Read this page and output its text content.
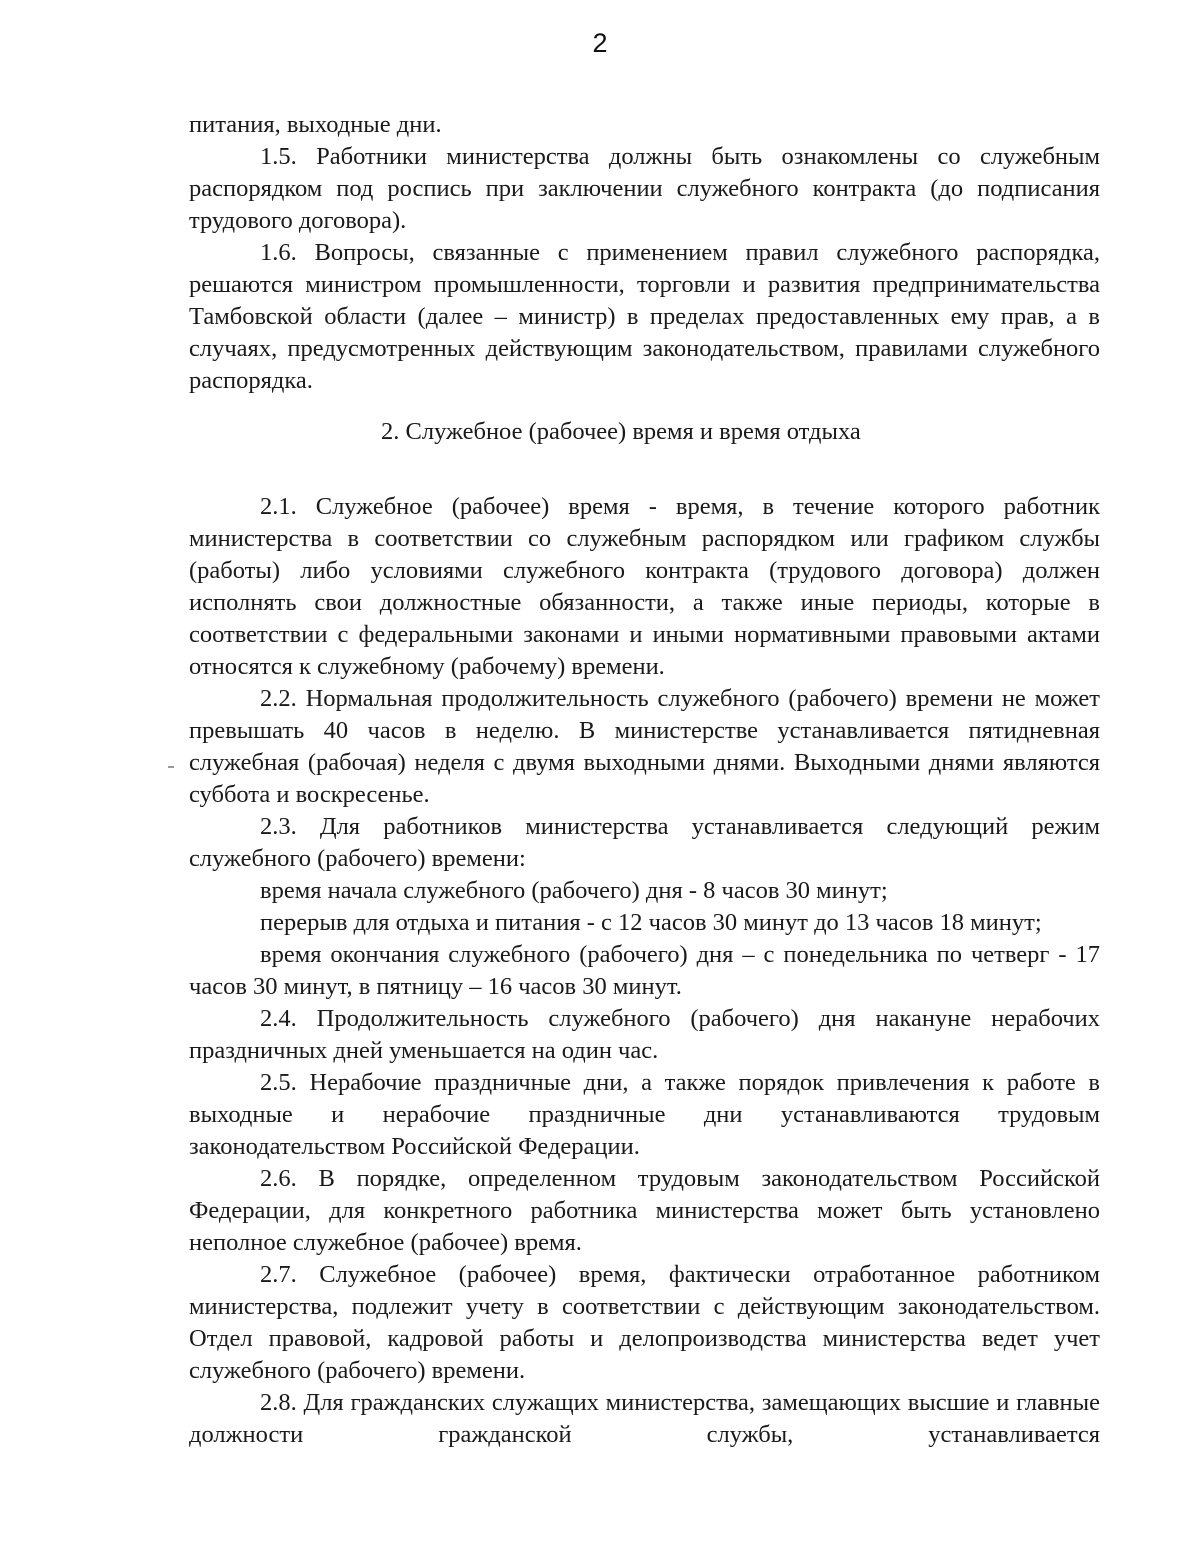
2

питания, выходные дни.

1.5. Работники министерства должны быть ознакомлены со служебным распорядком под роспись при заключении служебного контракта (до подписания трудового договора).

1.6. Вопросы, связанные с применением правил служебного распорядка, решаются министром промышленности, торговли и развития предпринимательства Тамбовской области (далее – министр) в пределах предоставленных ему прав, а в случаях, предусмотренных действующим законодательством, правилами служебного распорядка.

2. Служебное (рабочее) время и время отдыха

2.1. Служебное (рабочее) время - время, в течение которого работник министерства в соответствии со служебным распорядком или графиком службы (работы) либо условиями служебного контракта (трудового договора) должен исполнять свои должностные обязанности, а также иные периоды, которые в соответствии с федеральными законами и иными нормативными правовыми актами относятся к служебному (рабочему) времени.

2.2. Нормальная продолжительность служебного (рабочего) времени не может превышать 40 часов в неделю. В министерстве устанавливается пятидневная служебная (рабочая) неделя с двумя выходными днями. Выходными днями являются суббота и воскресенье.

2.3. Для работников министерства устанавливается следующий режим служебного (рабочего) времени:

время начала служебного (рабочего) дня - 8 часов 30 минут;

перерыв для отдыха и питания - с 12 часов 30 минут до 13 часов 18 минут;

время окончания служебного (рабочего) дня – с понедельника по четверг - 17 часов 30 минут, в пятницу – 16 часов 30 минут.

2.4. Продолжительность служебного (рабочего) дня накануне нерабочих праздничных дней уменьшается на один час.

2.5. Нерабочие праздничные дни, а также порядок привлечения к работе в выходные и нерабочие праздничные дни устанавливаются трудовым законодательством Российской Федерации.

2.6. В порядке, определенном трудовым законодательством Российской Федерации, для конкретного работника министерства может быть установлено неполное служебное (рабочее) время.

2.7. Служебное (рабочее) время, фактически отработанное работником министерства, подлежит учету в соответствии с действующим законодательством. Отдел правовой, кадровой работы и делопроизводства министерства ведет учет служебного (рабочего) времени.

2.8. Для гражданских служащих министерства, замещающих высшие и главные должности гражданской службы, устанавливается
